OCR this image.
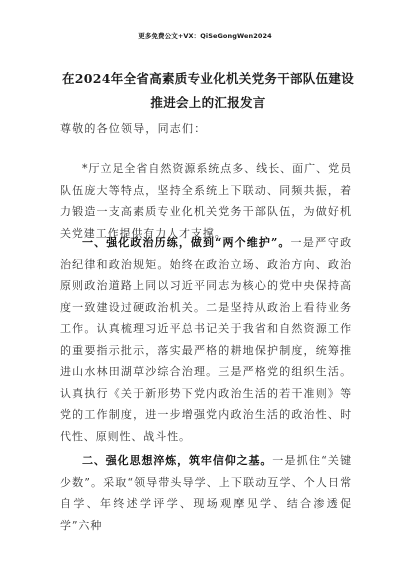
更多免费公文+VX：QiSeGongWen2024
在2024年全省高素质专业化机关党务干部队伍建设推进会上的汇报发言
尊敬的各位领导，同志们：
*厅立足全省自然资源系统点多、线长、面广、党员队伍庞大等特点，坚持全系统上下联动、同频共振，着力锻造一支高素质专业化机关党务干部队伍，为做好机关党建工作提供有力人才支撑。
一、强化政治历练，做到“两个维护”。一是严守政治纪律和政治规矩。始终在政治立场、政治方向、政治原则政治道路上同以习近平同志为核心的党中央保持高度一致建设过硬政治机关。二是坚持从政治上看待业务工作。认真梳理习近平总书记关于我省和自然资源工作的重要指示批示，落实最严格的耕地保护制度，统筹推进山水林田湖草沙综合治理。三是严格党的组织生活。认真执行《关于新形势下党内政治生活的若干准则》等党的工作制度，进一步增强党内政治生活的政治性、时代性、原则性、战斗性。
二、强化思想淬炼，筑牢信仰之基。一是抓住“关键少数”。采取“领导带头导学、上下联动互学、个人日常自学、年终述学评学、现场观摩见学、结合渗透促学”六种
